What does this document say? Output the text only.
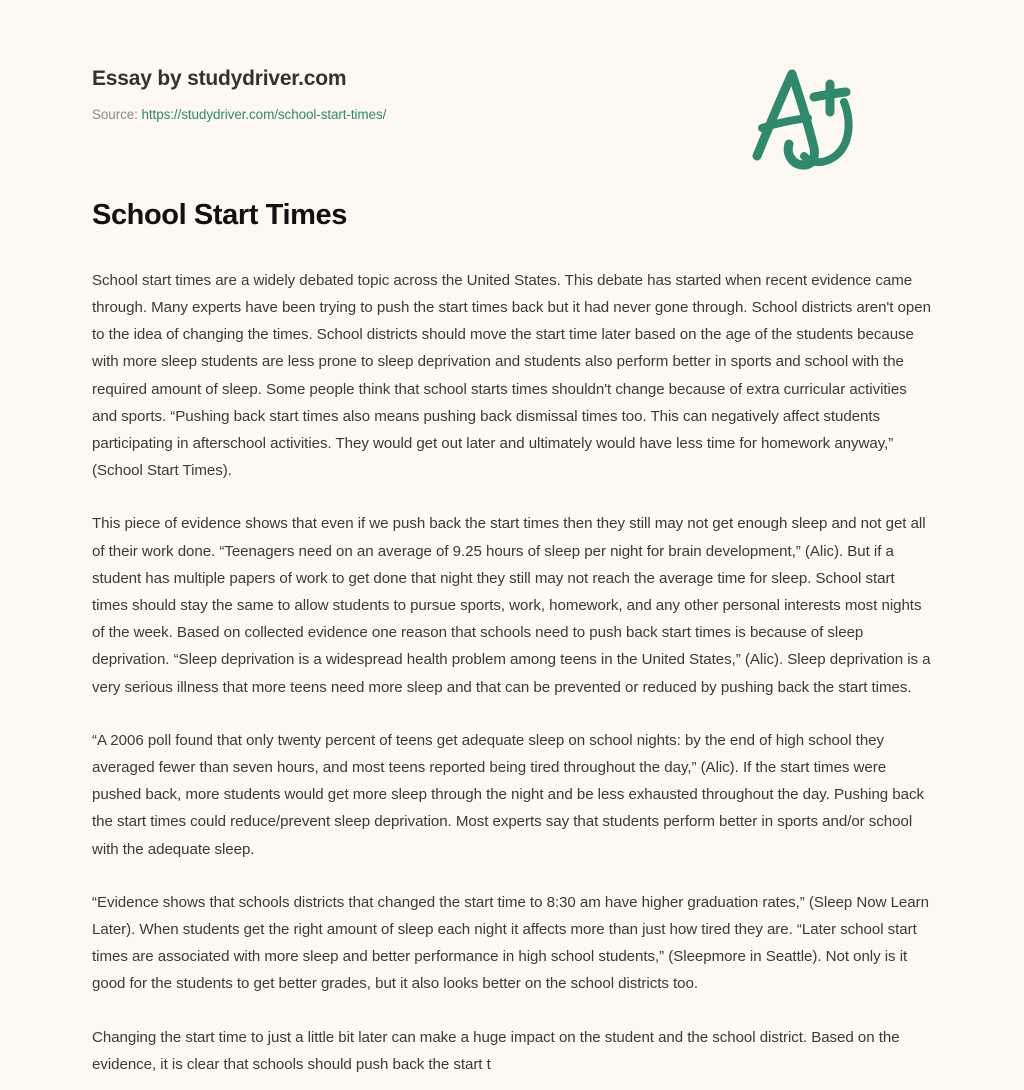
Essay by studydriver.com
Source: https://studydriver.com/school-start-times/
School Start Times

School start times are a widely debated topic across the United States. This debate has started when recent evidence came through. Many experts have been trying to push the start times back but it had never gone through. School districts aren't open to the idea of changing the times. School districts should move the start time later based on the age of the students because with more sleep students are less prone to sleep deprivation and students also perform better in sports and school with the required amount of sleep. Some people think that school starts times shouldn't change because of extra curricular activities and sports. “Pushing back start times also means pushing back dismissal times too. This can negatively affect students participating in afterschool activities. They would get out later and ultimately would have less time for homework anyway,” (School Start Times).

This piece of evidence shows that even if we push back the start times then they still may not get enough sleep and not get all of their work done. “Teenagers need on an average of 9.25 hours of sleep per night for brain development,” (Alic). But if a student has multiple papers of work to get done that night they still may not reach the average time for sleep. School start times should stay the same to allow students to pursue sports, work, homework, and any other personal interests most nights of the week. Based on collected evidence one reason that schools need to push back start times is because of sleep deprivation. “Sleep deprivation is a widespread health problem among teens in the United States,” (Alic). Sleep deprivation is a very serious illness that more teens need more sleep and that can be prevented or reduced by pushing back the start times.

“A 2006 poll found that only twenty percent of teens get adequate sleep on school nights: by the end of high school they averaged fewer than seven hours, and most teens reported being tired throughout the day,” (Alic). If the start times were pushed back, more students would get more sleep through the night and be less exhausted throughout the day. Pushing back the start times could reduce/prevent sleep deprivation. Most experts say that students perform better in sports and/or school with the adequate sleep.

“Evidence shows that schools districts that changed the start time to 8:30 am have higher graduation rates,” (Sleep Now Learn Later). When students get the right amount of sleep each night it affects more than just how tired they are. “Later school start times are associated with more sleep and better performance in high school students,” (Sleepmore in Seattle). Not only is it good for the students to get better grades, but it also looks better on the school districts too.

Changing the start time to just a little bit later can make a huge impact on the student and the school district. Based on the evidence, it is clear that schools should push back the start t
